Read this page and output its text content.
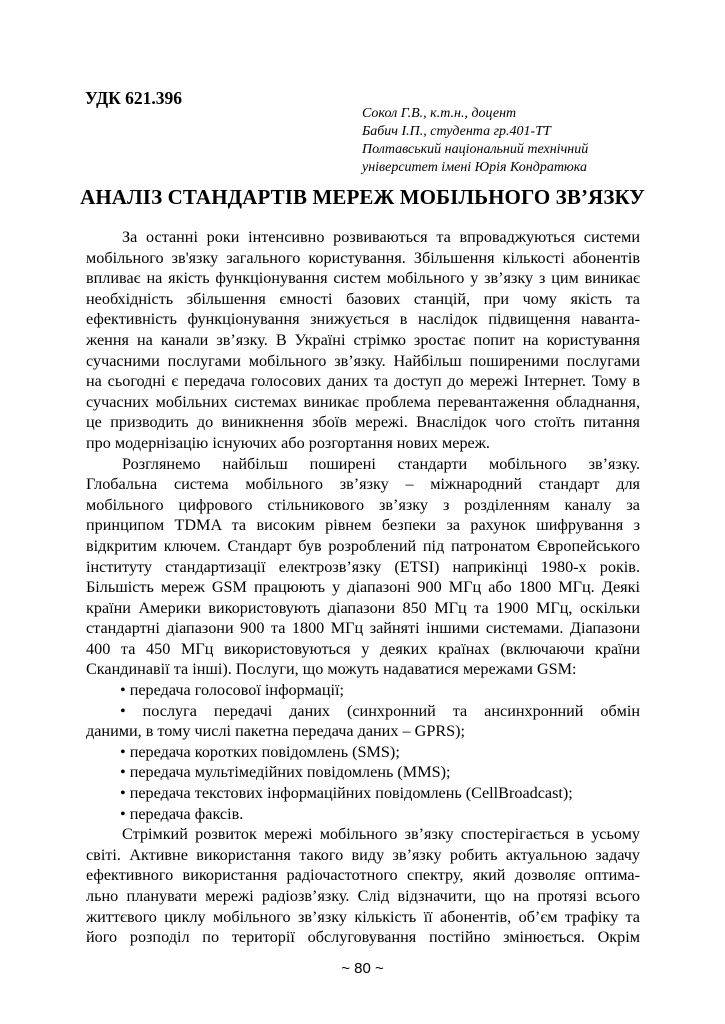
УДК 621.396
Сокол Г.В., к.т.н., доцент
Бабич І.П., студента гр.401-ТТ
Полтавський національний технічний
університет імені Юрія Кондратюка
АНАЛІЗ СТАНДАРТІВ МЕРЕЖ МОБІЛЬНОГО ЗВ’ЯЗКУ
За останні роки інтенсивно розвиваються та впроваджуються системи
мобільного зв'язку загального користування. Збільшення кількості абонентів
впливає на якість функціонування систем мобільного у зв’язку з цим виникає
необхідність збільшення ємності базових станцій, при чому якість та
ефективність функціонування знижується в наслідок підвищення наванта-
ження на канали зв’язку. В Україні стрімко зростає попит на користування
сучасними послугами мобільного зв’язку. Найбільш поширеними послугами
на сьогодні є передача голосових даних та доступ до мережі Інтернет. Тому в
сучасних мобільних системах виникає проблема перевантаження обладнання,
це призводить до виникнення збоїв мережі. Внаслідок чого стоїть питання
про модернізацію існуючих або розгортання нових мереж.
Розглянемо найбільш поширені стандарти мобільного зв’язку.
Глобальна система мобільного зв’язку – міжнародний стандарт для
мобільного цифрового стільникового зв’язку з розділенням каналу за
принципом TDMA та високим рівнем безпеки за рахунок шифрування з
відкритим ключем. Стандарт був розроблений під патронатом Європейського
інституту стандартизації електрозв’язку (ETSI) наприкінці 1980-х років.
Більшість мереж GSM працюють у діапазоні 900 МГц або 1800 МГц. Деякі
країни Америки використовують діапазони 850 МГц та 1900 МГц, оскільки
стандартні діапазони 900 та 1800 МГц зайняті іншими системами. Діапазони
400 та 450 МГц використовуються у деяких країнах (включаючи країни
Скандинавії та інші). Послуги, що можуть надаватися мережами GSM:
• передача голосової інформації;
• послуга передачі даних (синхронний та ансинхронний обмін
даними, в тому числі пакетна передача даних – GPRS);
• передача коротких повідомлень (SMS);
• передача мультімедійних повідомлень (MMS);
• передача текстових інформаційних повідомлень (CellBroadcast);
• передача факсів.
Стрімкий розвиток мережі мобільного зв’язку спостерігається в усьому
світі. Активне використання такого виду зв’язку робить актуальною задачу
ефективного використання радіочастотного спектру, який дозволяє оптима-
льно планувати мережі радіозв’язку. Слід відзначити, що на протязі всього
життєвого циклу мобільного зв’язку кількість її абонентів, об’єм трафіку та
його розподіл по території обслуговування постійно змінюється. Окрім
~ 80 ~
